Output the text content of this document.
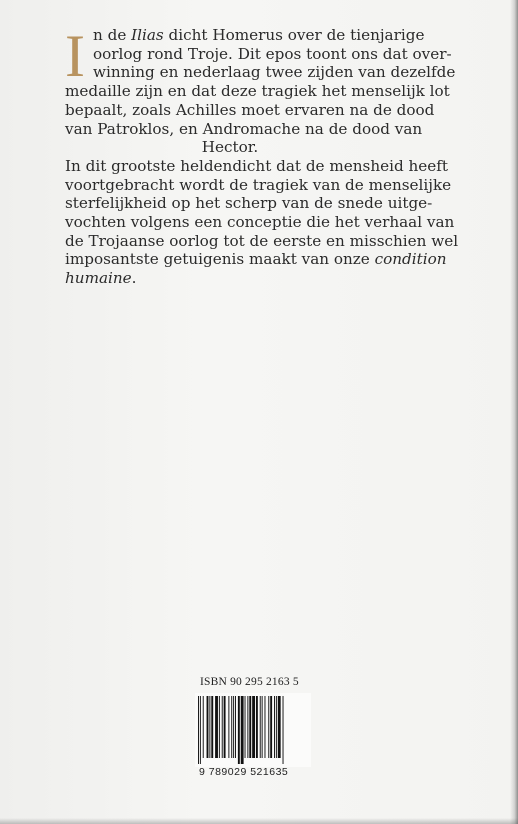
I n de Ilias dicht Homerus over de tienjarige
oorlog rond Troje. Dit epos toont ons dat over-
winning en nederlaag twee zijden van dezelfde
medaille zijn en dat deze tragiek het menselijk lot
bepaalt, zoals Achilles moet ervaren na de dood
van Patroklos, en Andromache na de dood van
Hector.
In dit grootste heldendicht dat de mensheid heeft
voortgebracht wordt de tragiek van de menselijke
sterfelijkheid op het scherp van de snede uitge-
vochten volgens een conceptie die het verhaal van
de Trojaanse oorlog tot de eerste en misschien wel
imposantste getuigenis maakt van onze condition
humaine.
ISBN 90 295 2163 5
9 789029 521635
